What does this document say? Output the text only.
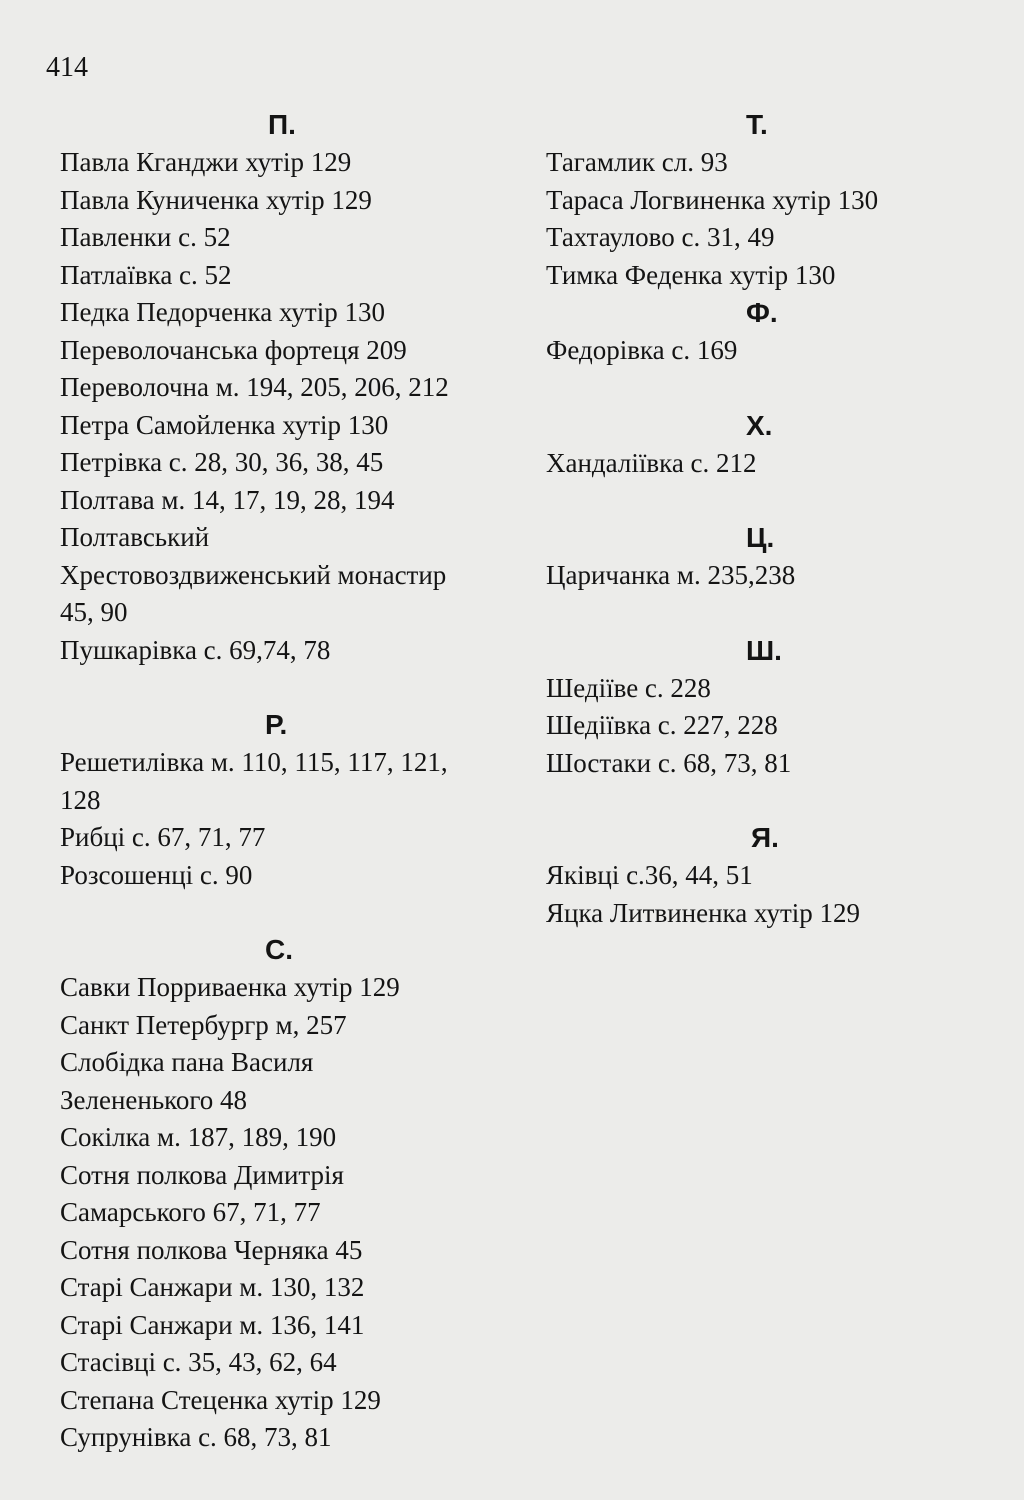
414
П.
Павла Кганджи хутір 129
Павла Куниченка хутір 129
Павленки с. 52
Патлаївка с. 52
Педка Педорченка хутір 130
Переволочанська фортеця 209
Переволочна м. 194, 205, 206, 212
Петра Самойленка хутір 130
Петрівка с. 28, 30, 36, 38, 45
Полтава м. 14, 17, 19, 28, 194
Полтавський
Хрестовоздвиженський монастир
45, 90
Пушкарівка с. 69,74, 78
Р.
Решетилівка м. 110, 115, 117, 121,
128
Рибці с. 67, 71, 77
Розсошенці с. 90
С.
Савки Порриваенка хутір 129
Санкт Петербургр м, 257
Слобідка пана Василя
Зелененького 48
Сокілка м. 187, 189, 190
Сотня полкова Димитрія
Самарського 67, 71, 77
Сотня полкова Черняка 45
Старі Санжари м. 130, 132
Старі Санжари м. 136, 141
Стасівці с. 35, 43, 62, 64
Степана Стеценка хутір 129
Супрунівка с. 68, 73, 81
Т.
Тагамлик сл. 93
Тараса Логвиненка хутір 130
Тахтаулово с. 31, 49
Тимка Феденка хутір 130
Ф.
Федорівка с. 169
Х.
Хандаліївка с. 212
Ц.
Царичанка м. 235,238
Ш.
Шедіїве с. 228
Шедіївка с. 227, 228
Шостаки с. 68, 73, 81
Я.
Яківці с.36, 44, 51
Яцка Литвиненка хутір 129
